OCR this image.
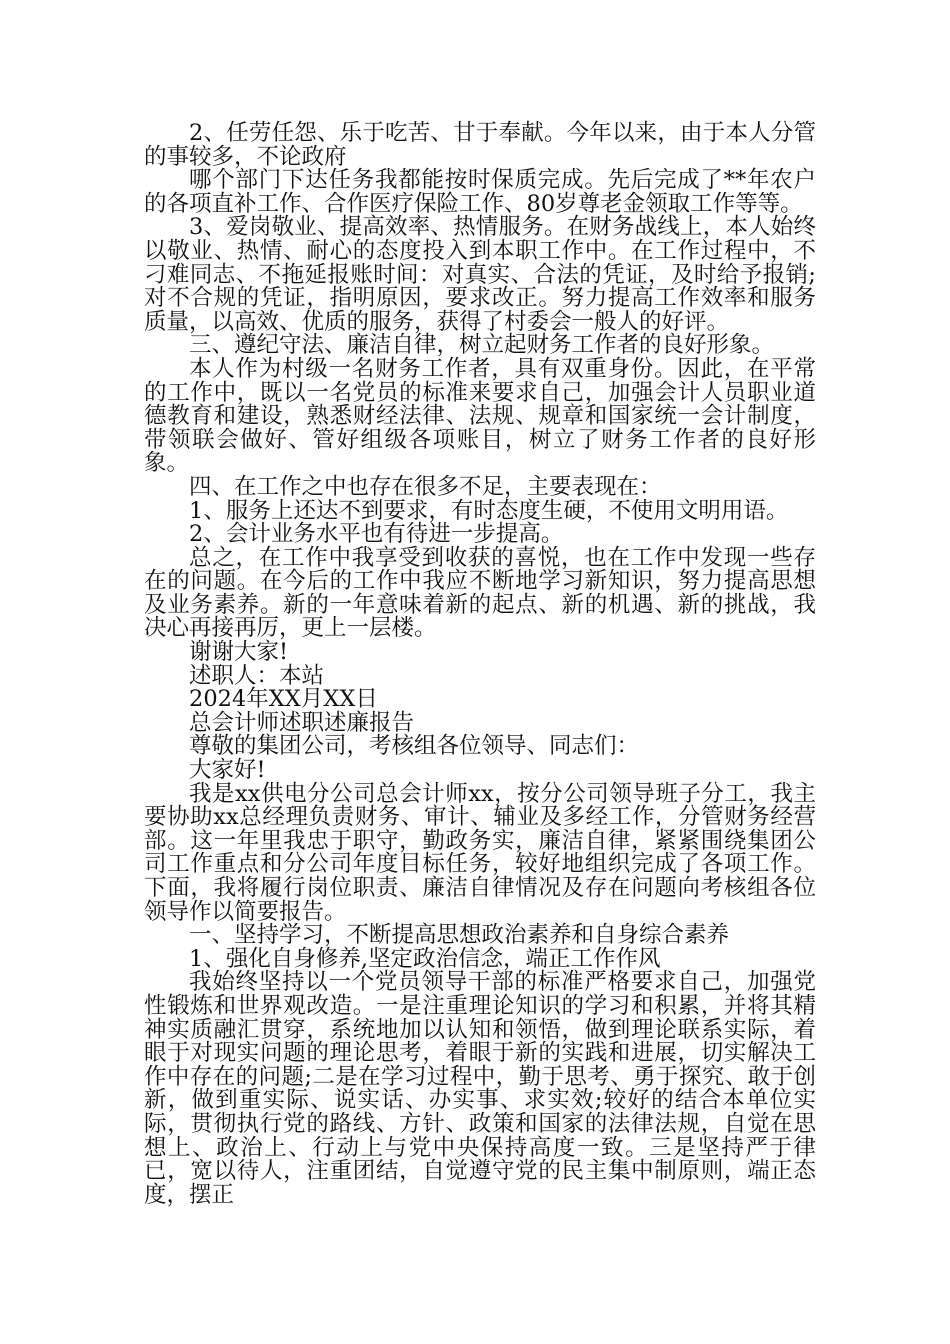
2、任劳任怨、乐于吃苦、甘于奉献。今年以来，由于本人分管的事较多，不论政府

哪个部门下达任务我都能按时保质完成。先后完成了**年农户的各项直补工作、合作医疗保险工作、80岁尊老金领取工作等等。

3、爱岗敬业、提高效率、热情服务。在财务战线上，本人始终以敬业、热情、耐心的态度投入到本职工作中。在工作过程中，不刁难同志、不拖延报账时间：对真实、合法的凭证，及时给予报销;对不合规的凭证，指明原因，要求改正。努力提高工作效率和服务质量，以高效、优质的服务，获得了村委会一般人的好评。

三、遵纪守法、廉洁自律，树立起财务工作者的良好形象。

本人作为村级一名财务工作者，具有双重身份。因此，在平常的工作中，既以一名党员的标准来要求自己，加强会计人员职业道德教育和建设，熟悉财经法律、法规、规章和国家统一会计制度，带领联会做好、管好组级各项账目，树立了财务工作者的良好形象。

四、在工作之中也存在很多不足，主要表现在：

1、服务上还达不到要求，有时态度生硬，不使用文明用语。

2、会计业务水平也有待进一步提高。

总之，在工作中我享受到收获的喜悦，也在工作中发现一些存在的问题。在今后的工作中我应不断地学习新知识，努力提高思想及业务素养。新的一年意味着新的起点、新的机遇、新的挑战，我决心再接再厉，更上一层楼。

谢谢大家!

述职人：本站

2024年XX月XX日

总会计师述职述廉报告

尊敬的集团公司，考核组各位领导、同志们：

大家好!

我是xx供电分公司总会计师xx，按分公司领导班子分工，我主要协助xx总经理负责财务、审计、辅业及多经工作，分管财务经营部。这一年里我忠于职守，勤政务实，廉洁自律，紧紧围绕集团公司工作重点和分公司年度目标任务，较好地组织完成了各项工作。下面，我将履行岗位职责、廉洁自律情况及存在问题向考核组各位领导作以简要报告。

一、坚持学习，不断提高思想政治素养和自身综合素养

1、强化自身修养,坚定政治信念，端正工作作风

我始终坚持以一个党员领导干部的标准严格要求自己，加强党性锻炼和世界观改造。一是注重理论知识的学习和积累，并将其精神实质融汇贯穿，系统地加以认知和领悟，做到理论联系实际，着眼于对现实问题的理论思考，着眼于新的实践和进展，切实解决工作中存在的问题;二是在学习过程中，勤于思考、勇于探究、敢于创新，做到重实际、说实话、办实事、求实效;较好的结合本单位实际，贯彻执行党的路线、方针、政策和国家的法律法规，自觉在思想上、政治上、行动上与党中央保持高度一致。三是坚持严于律已，宽以待人，注重团结，自觉遵守党的民主集中制原则，端正态度，摆正
